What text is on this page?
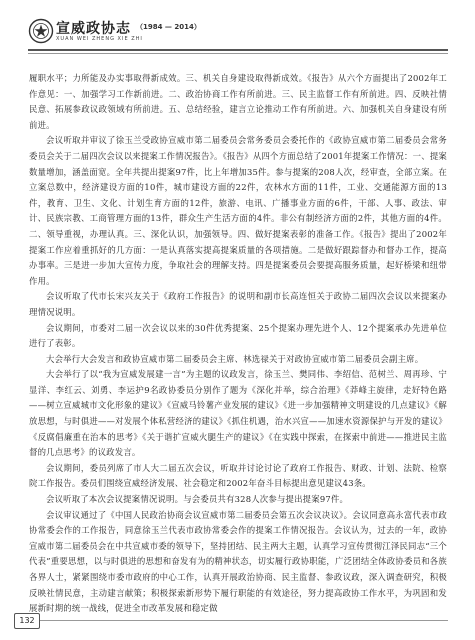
宣威政协志 （1984 — 2014）
XUAN WEI ZHENG XIE ZHI

履职水平；力所能及办实事取得新成效。三、机关自身建设取得新成效。《报告》从六个方面提出了2002年工作意见：一、加强学习工作新前进。二、政治协商工作有所前进。三、民主监督工作有所前进。四、反映社情民意、拓展参政议政领域有所前进。五、总结经验，建言立论推动工作有所前进。六、加强机关自身建设有所前进。

会议听取并审议了徐玉兰受政协宣威市第二届委员会常务委员会委托作的《政协宣威市第二届委员会常务委员会关于二届四次会议以来提案工作情况报告》。《报告》从四个方面总结了2001年提案工作情况：一、提案数量增加，涵盖面宽。全年共提出提案97件，比上年增加35件。参与提案的208人次，经审查，全部立案。在立案总数中，经济建设方面的10件，城市建设方面的22件，农林水方面的11件，工业、交通能源方面的13件，教育、卫生、文化、计划生育方面的12件，旅游、电讯、广播事业方面的6件，干部、人事、政法、审计、民族宗教、工商管理方面的13件，群众生产生活方面的4件。非公有制经济方面的2件，其他方面的4件。二、领导重视，办理认真。三、深化认识，加强领导。四、做好提案表彰的准备工作。《报告》提出了2002年提案工作应着重抓好的几方面：一是认真落实提高提案质量的各项措施。二是做好跟踪督办和督办工作，提高办事率。三是进一步加大宣传力度，争取社会的理解支持。四是提案委员会要提高服务质量，起好桥梁和纽带作用。

会议听取了代市长宋兴友关于《政府工作报告》的说明和副市长高连恒关于政协二届四次会议以来提案办理情况说明。

会议期间，市委对二届一次会议以来的30件优秀提案、25个提案办理先进个人、12个提案承办先进单位进行了表彰。

大会举行大会发言和政协宣威市第二届委员会主席、林选禄关于对政协宣威市第二届委员会副主席。

大会举行了以“我为宣威发展建一言”为主题的议政发言，徐玉兰、樊同伟、李绍信、范树兰、周再珍、宁显洋、李红云、刘勇、李运护9名政协委员分别作了题为《深化并举，综合治理》《莽峰主旋律，走好特色路——树立宣威城市文化形象的建议》《宣威马铃薯产业发展的建议》《进一步加强精神文明建设的几点建议》《解放思想，与时俱进——对发展个体私营经济的建议》《抓住机遇，治水兴宣——加速水资源保护与开发的建议》《反腐倡廉重在治本的思考》《关于谐扩宣威火腿生产的建议》《在实践中探索，在探索中前进——推进民主监督的几点思考》的议政发言。

会议期间，委员列席了市人大二届五次会议，听取并讨论讨论了政府工作报告、财政、计划、法院、检察院工作报告。委员们围绕宣威经济发展、社会稳定和2002年奋斗目标提出意见建议43条。

会议听取了本次会议提案情况说明。与会委员共有328人次参与提出提案97件。

会议审议通过了《中国人民政治协商会议宣威市第二届委员会第五次会议决议》。会议同意高永富代表市政协常委会作的工作报告，同意徐玉兰代表市政协常委会作的提案工作情况报告。会议认为，过去的一年，政协宣威市第二届委员会在中共宣威市委的领导下，坚持团结、民主两大主题，认真学习宣传贯彻江泽民同志“三个代表”重要思想，以与时俱进的思想和奋发有为的精神状态，切实履行政协职能，广泛团结全体政协委员和各族各界人士，紧紧围绕市委市政府的中心工作，认真开展政治协商、民主监督、参政议政，深入调查研究，积极反映社情民意，主动建言献策；积极探索新形势下履行职能的有效途径，努力提高政协工作水平，为巩固和发展新时期的统一战线，促进全市改革发展和稳定做

132
